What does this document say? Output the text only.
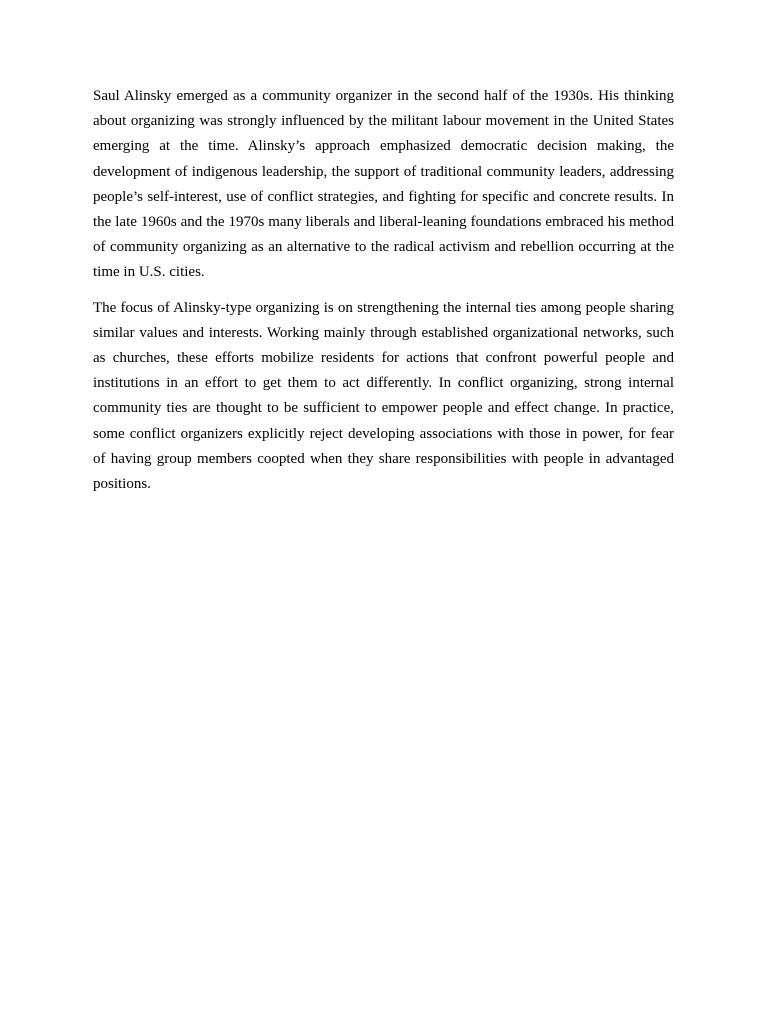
Saul Alinsky emerged as a community organizer in the second half of the 1930s. His thinking about organizing was strongly influenced by the militant labour movement in the United States emerging at the time. Alinsky’s approach emphasized democratic decision making, the development of indigenous leadership, the support of traditional community leaders, addressing people’s self-interest, use of conflict strategies, and fighting for specific and concrete results. In the late 1960s and the 1970s many liberals and liberal-leaning foundations embraced his method of community organizing as an alternative to the radical activism and rebellion occurring at the time in U.S. cities.

The focus of Alinsky-type organizing is on strengthening the internal ties among people sharing similar values and interests. Working mainly through established organizational networks, such as churches, these efforts mobilize residents for actions that confront powerful people and institutions in an effort to get them to act differently. In conflict organizing, strong internal community ties are thought to be sufficient to empower people and effect change. In practice, some conflict organizers explicitly reject developing associations with those in power, for fear of having group members coopted when they share responsibilities with people in advantaged positions.
